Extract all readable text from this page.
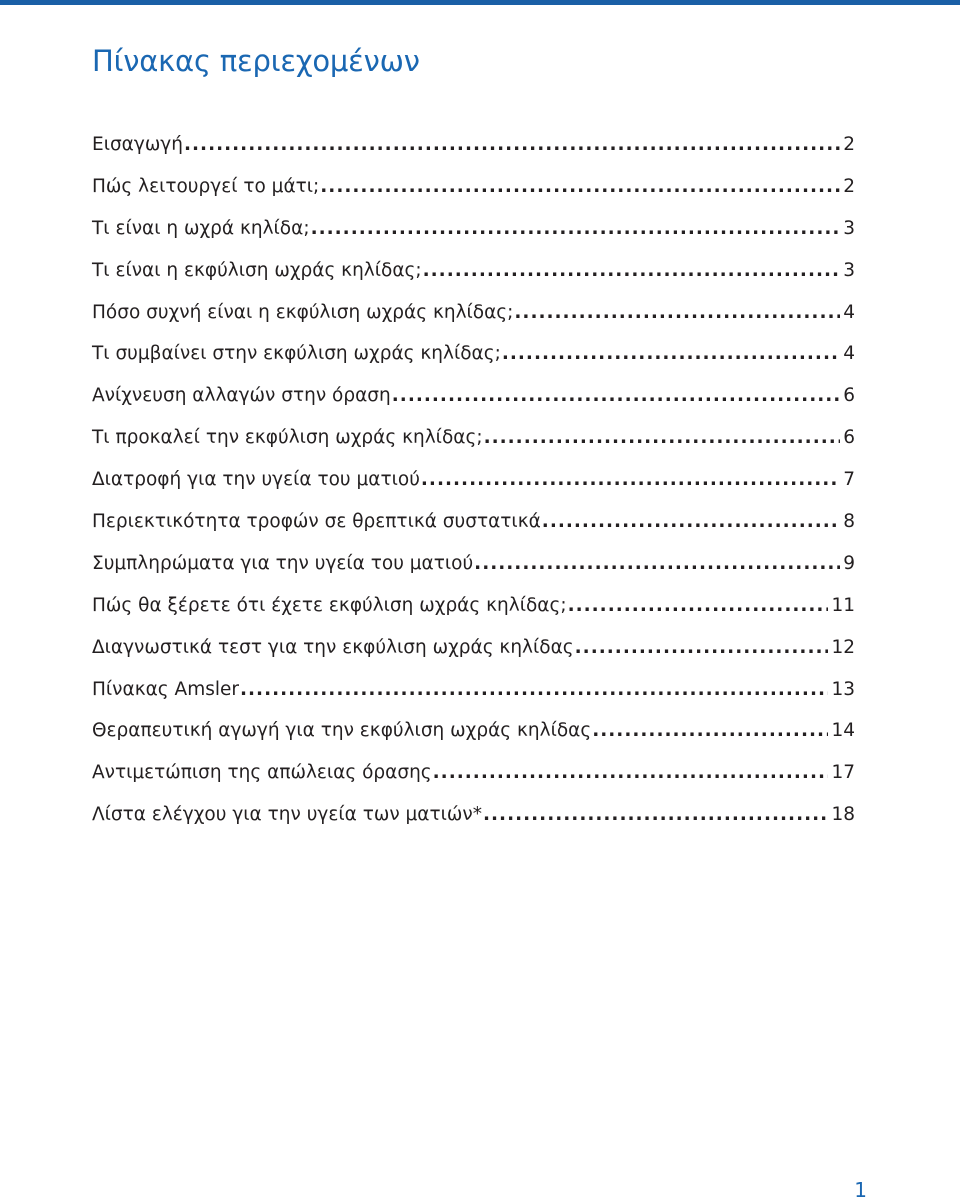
Πίνακας περιεχομένων
Εισαγωγή .....	2
Πώς λειτουργεί το μάτι; .....	2
Τι είναι η ωχρά κηλίδα; .....	3
Τι είναι η εκφύλιση ωχράς κηλίδας; .....	3
Πόσο συχνή είναι η εκφύλιση ωχράς κηλίδας; .....	4
Τι συμβαίνει στην εκφύλιση ωχράς κηλίδας; .....	4
Ανίχνευση αλλαγών στην όραση .....	6
Τι προκαλεί την εκφύλιση ωχράς κηλίδας; .....	6
Διατροφή για την υγεία του ματιού .....	7
Περιεκτικότητα τροφών σε θρεπτικά συστατικά .....	8
Συμπληρώματα για την υγεία του ματιού .....	9
Πώς θα ξέρετε ότι έχετε εκφύλιση ωχράς κηλίδας; .....	11
Διαγνωστικά τεστ για την εκφύλιση ωχράς κηλίδας .....	12
Πίνακας Amsler .....	13
Θεραπευτική αγωγή για την εκφύλιση ωχράς κηλίδας .....	14
Αντιμετώπιση της απώλειας όρασης .....	17
Λίστα ελέγχου για την υγεία των ματιών* .....	18
1
